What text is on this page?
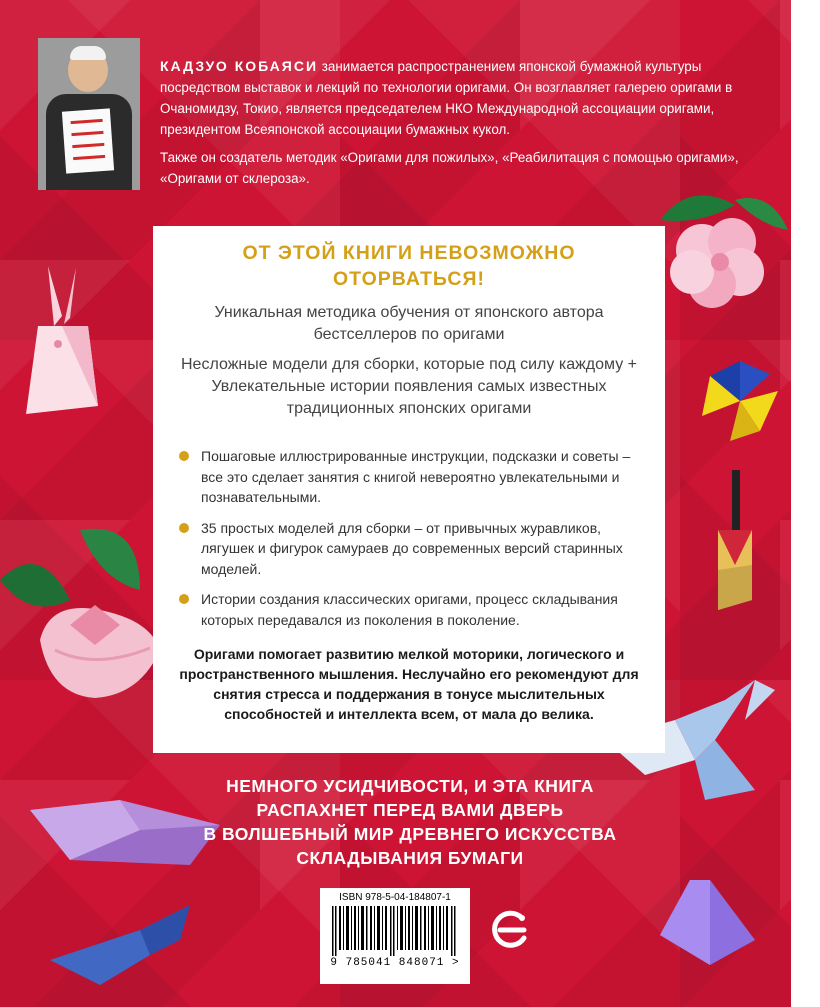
КАДЗУО КОБАЯСИ занимается распространением японской бумажной культуры посредством выставок и лекций по технологии оригами. Он возглавляет галерею оригами в Очаномидзу, Токио, является председателем НКО Международной ассоциации оригами, президентом Всеяпонской ассоциации бумажных кукол.

Также он создатель методик «Оригами для пожилых», «Реабилитация с помощью оригами», «Оригами от склероза».

ОТ ЭТОЙ КНИГИ НЕВОЗМОЖНО
ОТОРВАТЬСЯ!

Уникальная методика обучения от японского автора бестселлеров по оригами

Несложные модели для сборки, которые под силу каждому + Увлекательные истории появления самых известных традиционных японских оригами

Пошаговые иллюстрированные инструкции, подсказки и советы – все это сделает занятия с книгой невероятно увлекательными и познавательными.
35 простых моделей для сборки – от привычных журавликов, лягушек и фигурок самураев до современных версий старинных моделей.
Истории создания классических оригами, процесс складывания которых передавался из поколения в поколение.

Оригами помогает развитию мелкой моторики, логического и пространственного мышления. Неслучайно его рекомендуют для снятия стресса и поддержания в тонусе мыслительных способностей и интеллекта всем, от мала до велика.

НЕМНОГО УСИДЧИВОСТИ, И ЭТА КНИГА
РАСПАХНЕТ ПЕРЕД ВАМИ ДВЕРЬ
В ВОЛШЕБНЫЙ МИР ДРЕВНЕГО ИСКУССТВА
СКЛАДЫВАНИЯ БУМАГИ
ISBN 978-5-04-184807-1
9 785041 848071 >
